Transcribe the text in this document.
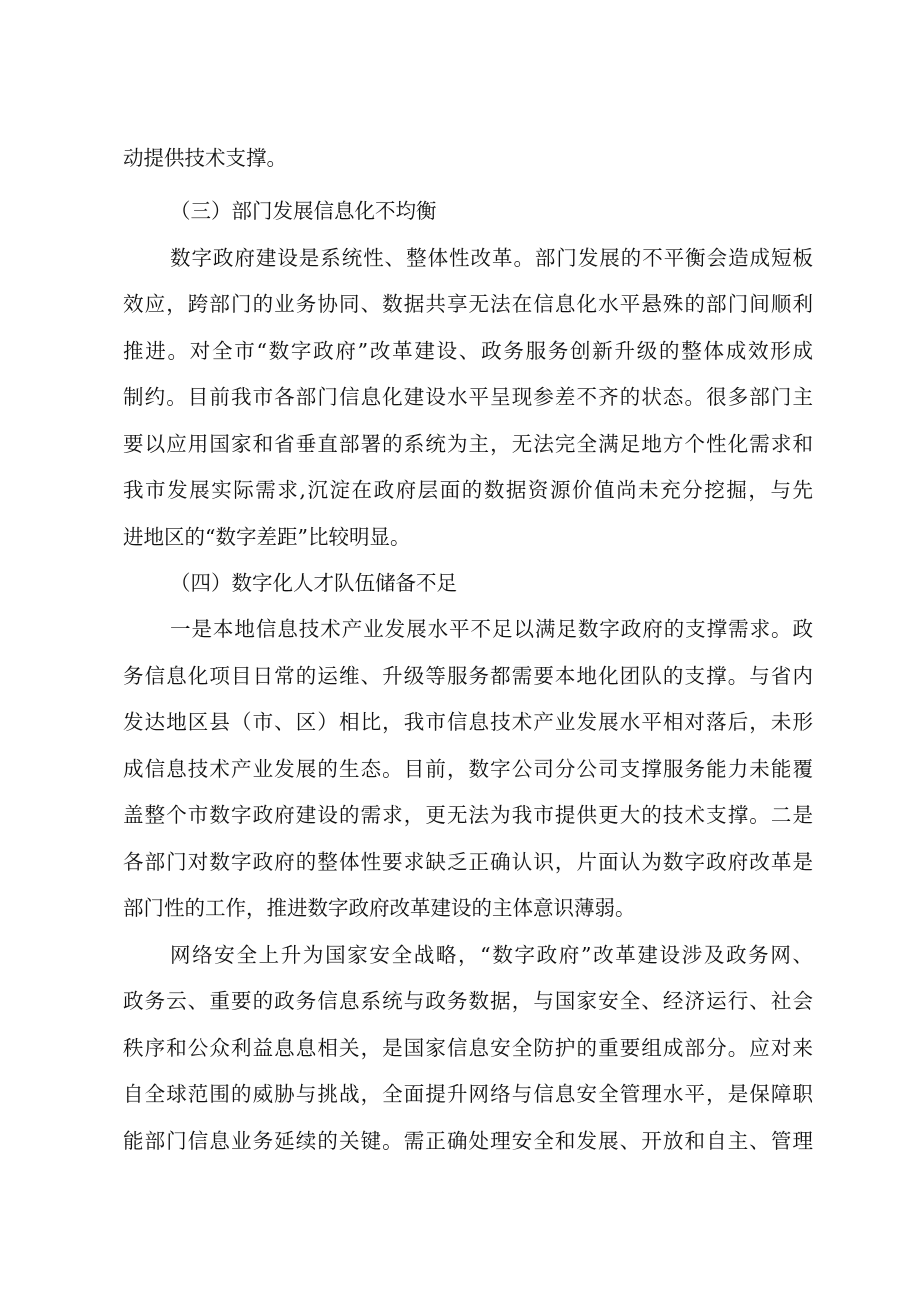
动提供技术支撑。
（三）部门发展信息化不均衡
数字政府建设是系统性、整体性改革。部门发展的不平衡会造成短板
效应，跨部门的业务协同、数据共享无法在信息化水平悬殊的部门间顺利
推进。对全市“数字政府”改革建设、政务服务创新升级的整体成效形成
制约。目前我市各部门信息化建设水平呈现参差不齐的状态。很多部门主
要以应用国家和省垂直部署的系统为主，无法完全满足地方个性化需求和
我市发展实际需求,沉淀在政府层面的数据资源价值尚未充分挖掘，与先
进地区的“数字差距”比较明显。
（四）数字化人才队伍储备不足
一是本地信息技术产业发展水平不足以满足数字政府的支撑需求。政
务信息化项目日常的运维、升级等服务都需要本地化团队的支撑。与省内
发达地区县（市、区）相比，我市信息技术产业发展水平相对落后，未形
成信息技术产业发展的生态。目前，数字公司分公司支撑服务能力未能覆
盖整个市数字政府建设的需求，更无法为我市提供更大的技术支撑。二是
各部门对数字政府的整体性要求缺乏正确认识，片面认为数字政府改革是
部门性的工作，推进数字政府改革建设的主体意识薄弱。
网络安全上升为国家安全战略，“数字政府”改革建设涉及政务网、
政务云、重要的政务信息系统与政务数据，与国家安全、经济运行、社会
秩序和公众利益息息相关，是国家信息安全防护的重要组成部分。应对来
自全球范围的威胁与挑战，全面提升网络与信息安全管理水平，是保障职
能部门信息业务延续的关键。需正确处理安全和发展、开放和自主、管理
